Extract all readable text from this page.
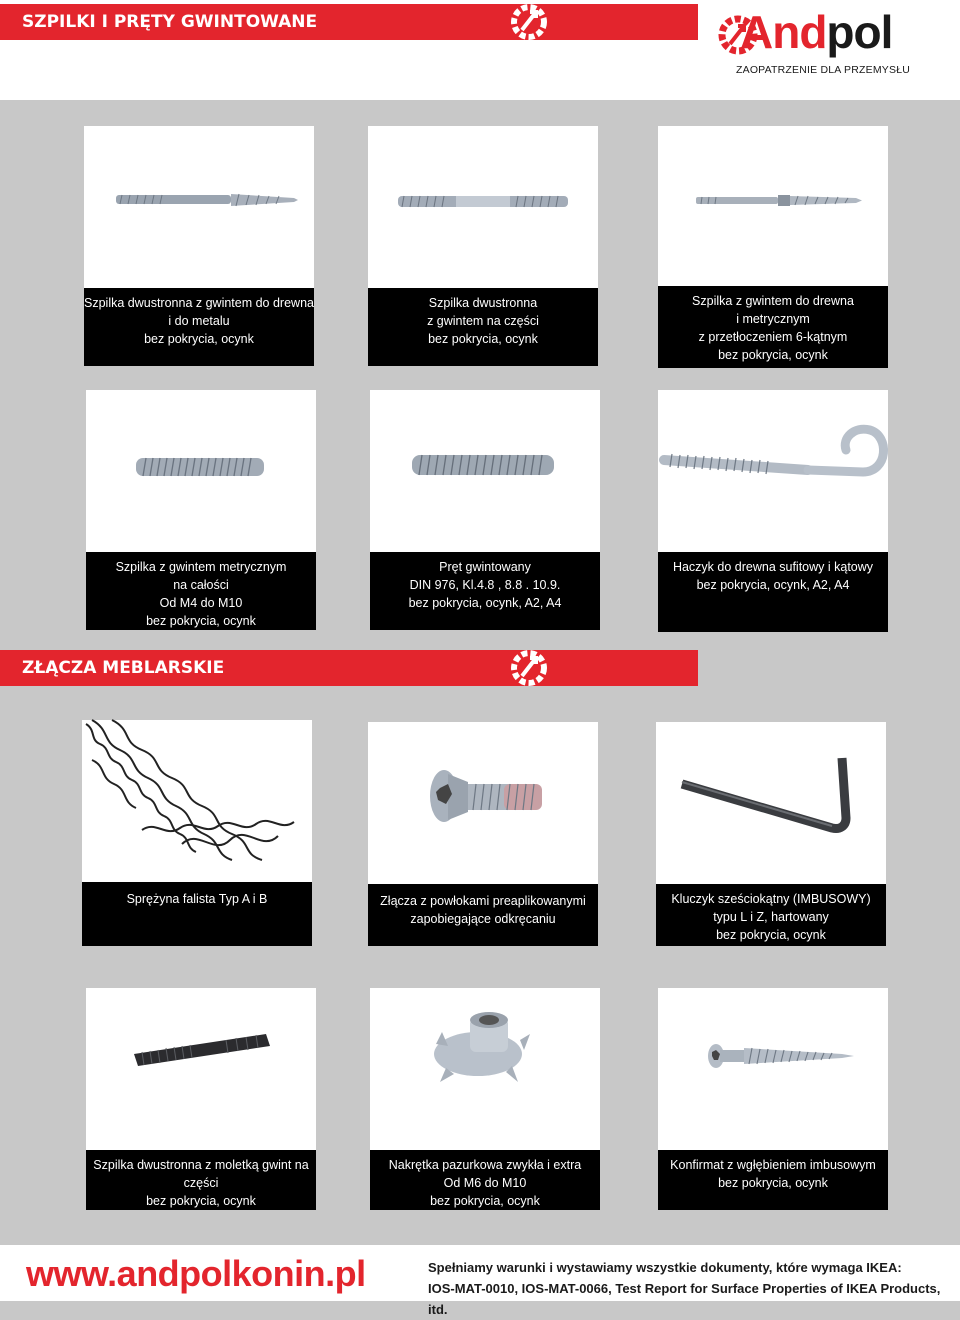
SZPILKI I PRĘTY GWINTOWANE	Andpol
ZAOPATRZENIE DLA PRZEMYSŁU
ZŁĄCZA MEBLARSKIE
Szpilka dwustronna z gwintem do drewna
i do metalu
bez pokrycia, ocynk
Szpilka dwustronna
z gwintem na części
bez pokrycia, ocynk
Szpilka z gwintem do drewna
i metrycznym
z przetłoczeniem 6-kątnym
bez pokrycia, ocynk
Szpilka z gwintem metrycznym
na całości
Od M4 do M10
bez pokrycia, ocynk
Pręt gwintowany
DIN 976, Kl.4.8 , 8.8 . 10.9.
bez pokrycia, ocynk, A2, A4
Haczyk do drewna sufitowy i kątowy
bez pokrycia, ocynk, A2, A4
Sprężyna falista Typ A i B	Złącza z powłokami preaplikowanymi
zapobiegające odkręcaniu
Kluczyk sześciokątny (IMBUSOWY)
typu L i Z, hartowany
bez pokrycia, ocynk
Szpilka dwustronna z moletką gwint na
części
bez pokrycia, ocynk
Nakrętka pazurkowa zwykła i extra
Od M6 do M10
bez pokrycia, ocynk
Konfirmat z wgłębieniem imbusowym
bez pokrycia, ocynk
www.andpolkonin.pl	Spełniamy warunki i wystawiamy wszystkie dokumenty, które wymaga IKEA:
IOS-MAT-0010, IOS-MAT-0066, Test Report for Surface Properties of IKEA Products, itd.
